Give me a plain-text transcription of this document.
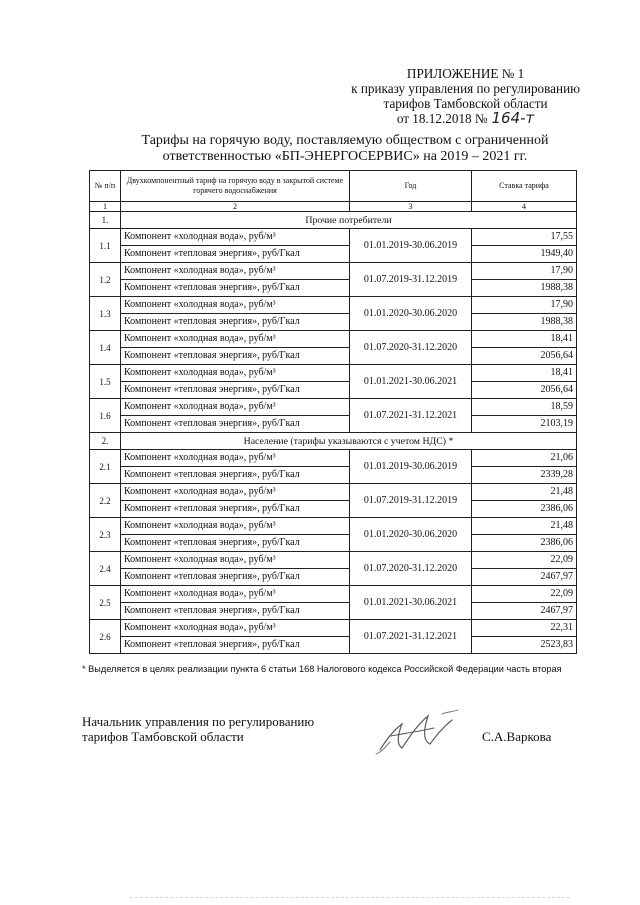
ПРИЛОЖЕНИЕ № 1
к приказу управления по регулированию
тарифов Тамбовской области
от 18.12.2018 № 164-т
Тарифы на горячую воду, поставляемую обществом с ограниченной
ответственностью «БП-ЭНЕРГОСЕРВИС» на 2019 – 2021 гг.
№ п/п	Двухкомпонентный тариф на горячую воду в закрытой системе горячего водоснабжения	Год	Ставка тарифа
1	2	3	4
1.	Прочие потребители		
1.1	Компонент «холодная вода», руб/м³	01.01.2019-30.06.2019	17,55
	Компонент «тепловая энергия», руб/Гкал		1949,40
1.2	Компонент «холодная вода», руб/м³	01.07.2019-31.12.2019	17,90
	Компонент «тепловая энергия», руб/Гкал		1988,38
1.3	Компонент «холодная вода», руб/м³	01.01.2020-30.06.2020	17,90
	Компонент «тепловая энергия», руб/Гкал		1988,38
1.4	Компонент «холодная вода», руб/м³	01.07.2020-31.12.2020	18,41
	Компонент «тепловая энергия», руб/Гкал		2056,64
1.5	Компонент «холодная вода», руб/м³	01.01.2021-30.06.2021	18,41
	Компонент «тепловая энергия», руб/Гкал		2056,64
1.6	Компонент «холодная вода», руб/м³	01.07.2021-31.12.2021	18,59
	Компонент «тепловая энергия», руб/Гкал		2103,19
2.	Население (тарифы указываются с учетом НДС) *		
2.1	Компонент «холодная вода», руб/м³	01.01.2019-30.06.2019	21,06
	Компонент «тепловая энергия», руб/Гкал		2339,28
2.2	Компонент «холодная вода», руб/м³	01.07.2019-31.12.2019	21,48
	Компонент «тепловая энергия», руб/Гкал		2386,06
2.3	Компонент «холодная вода», руб/м³	01.01.2020-30.06.2020	21,48
	Компонент «тепловая энергия», руб/Гкал		2386,06
2.4	Компонент «холодная вода», руб/м³	01.07.2020-31.12.2020	22,09
	Компонент «тепловая энергия», руб/Гкал		2467,97
2.5	Компонент «холодная вода», руб/м³	01.01.2021-30.06.2021	22,09
	Компонент «тепловая энергия», руб/Гкал		2467,97
2.6	Компонент «холодная вода», руб/м³	01.07.2021-31.12.2021	22,31
	Компонент «тепловая энергия», руб/Гкал		2523,83
* Выделяется в целях реализации пункта 6 статьи 168 Налогового кодекса Российской Федерации часть вторая
Начальник управления по регулированию
тарифов Тамбовской области	С.А.Варкова
